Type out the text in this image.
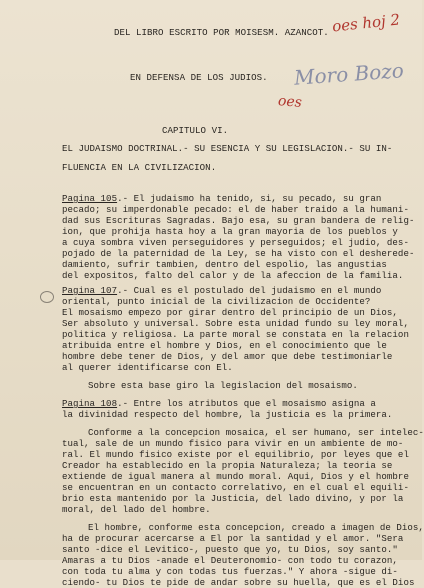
DEL LIBRO ESCRITO POR MOISESM. AZANCOT. oes hoj 2
Moro Bozo
EN DEFENSA DE LOS JUDIOS.
oes
CAPITULO VI.
EL JUDAISMO DOCTRINAL.- SU ESENCIA Y SU LEGISLACION.- SU IN-
FLUENCIA EN LA CIVILIZACION.
Pagina 105.- El judaismo ha tenido, si, su pecado, su gran
pecado; su imperdonable pecado: el de haber traido a la humani-
dad sus Escrituras Sagradas. Bajo esa, su gran bandera de relig-
ion, que prohija hasta hoy a la gran mayoria de los pueblos y
a cuya sombra viven perseguidores y perseguidos; el judio, des-
pojado de la paternidad de la Ley, se ha visto con el desherede-
damiento, sufrir tambien, dentro del espolio, las angustias
del expositos, falto del calor y de la afeccion de la familia.
Pagina 107.- Cual es el postulado del judaismo en el mundo
oriental, punto inicial de la civilizacion de Occidente?
El mosaismo empezo por girar dentro del principio de un Dios,
Ser absoluto y universal. Sobre esta unidad fundo su ley moral,
politica y religiosa. La parte moral se constata en la relacion
atribuida entre el hombre y Dios, en el conocimiento que le
hombre debe tener de Dios, y del amor que debe testimoniarle
al querer identificarse con El.
Sobre esta base giro la legislacion del mosaismo.
Pagina 108.- Entre los atributos que el mosaismo asigna a
la divinidad respecto del hombre, la justicia es la primera.
Conforme a la concepcion mosaica, el ser humano, ser intelec-
tual, sale de un mundo fisico para vivir en un ambiente de mo-
ral. El mundo fisico existe por el equilibrio, por leyes que el
Creador ha establecido en la propia Naturaleza; la teoria se
extiende de igual manera al mundo moral. Aqui, Dios y el hombre
se encuentran en un contacto correlativo, en el cual el equili-
brio esta mantenido por la Justicia, del lado divino, y por la
moral, del lado del hombre.
El hombre, conforme esta concepcion, creado a imagen de Dios,
ha de procurar acercarse a El por la santidad y el amor. "Sera
santo -dice el Levitico-, puesto que yo, tu Dios, soy santo."
Amaras a tu Dios -anade el Deuteronomio- con todo tu corazon,
con toda tu alma y con todas tus fuerzas." Y ahora -sigue di-
ciendo- tu Dios te pide de andar sobre su huella, que es el Dios
